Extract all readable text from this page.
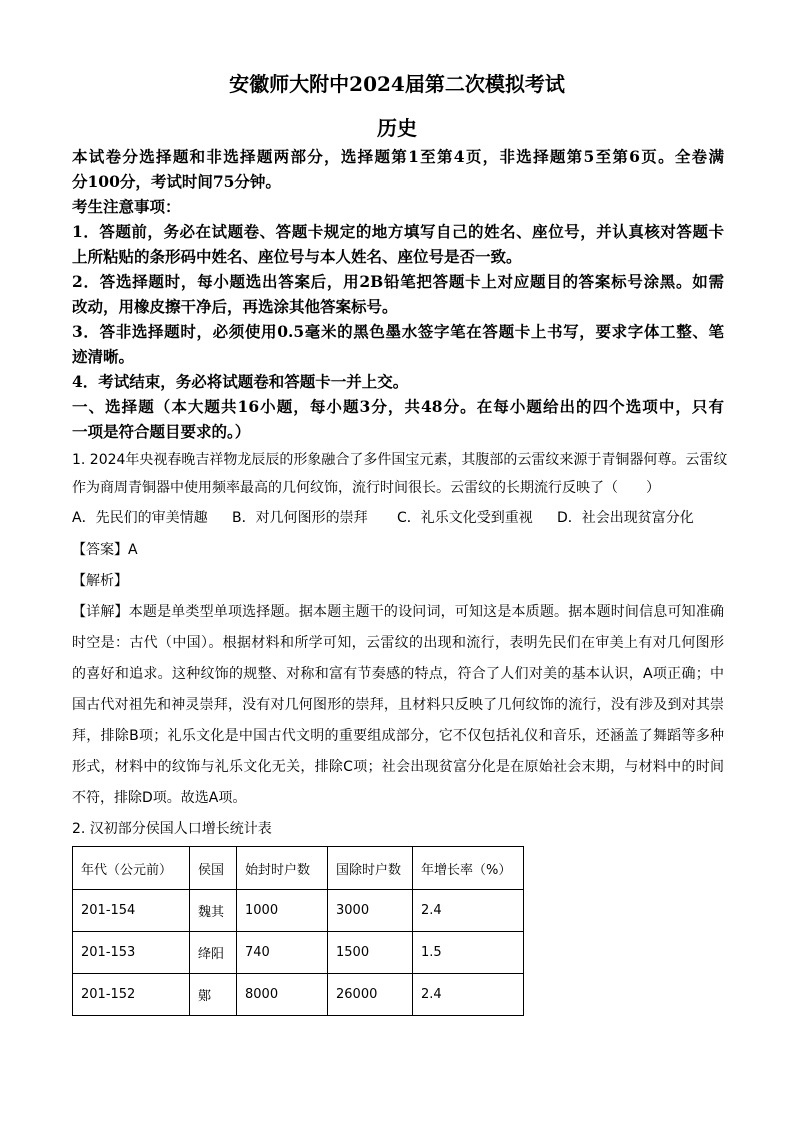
安徽师大附中2024届第二次模拟考试
历史
本试卷分选择题和非选择题两部分，选择题第1至第4页，非选择题第5至第6页。全卷满
分100分，考试时间75分钟。
考生注意事项：
1．答题前，务必在试题卷、答题卡规定的地方填写自己的姓名、座位号，并认真核对答题卡
上所粘贴的条形码中姓名、座位号与本人姓名、座位号是否一致。
2．答选择题时，每小题选出答案后，用2B铅笔把答题卡上对应题目的答案标号涂黑。如需
改动，用橡皮擦干净后，再选涂其他答案标号。
3．答非选择题时，必须使用0.5毫米的黑色墨水签字笔在答题卡上书写，要求字体工整、笔
迹清晰。
4．考试结束，务必将试题卷和答题卡一并上交。
一、选择题（本大题共16小题，每小题3分，共48分。在每小题给出的四个选项中，只有
一项是符合题目要求的。）
1. 2024年央视春晚吉祥物龙辰辰的形象融合了多件国宝元素，其腹部的云雷纹来源于青铜器何尊。云雷纹
作为商周青铜器中使用频率最高的几何纹饰，流行时间很长。云雷纹的长期流行反映了（　　）
A．先民们的审美情趣 B．对几何图形的崇拜 C．礼乐文化受到重视 D．社会出现贫富分化
【答案】A
【解析】
【详解】本题是单类型单项选择题。据本题主题干的设问词，可知这是本质题。据本题时间信息可知准确
时空是：古代（中国）。根据材料和所学可知，云雷纹的出现和流行，表明先民们在审美上有对几何图形
的喜好和追求。这种纹饰的规整、对称和富有节奏感的特点，符合了人们对美的基本认识，A项正确；中
国古代对祖先和神灵崇拜，没有对几何图形的崇拜，且材料只反映了几何纹饰的流行，没有涉及到对其崇
拜，排除B项；礼乐文化是中国古代文明的重要组成部分，它不仅包括礼仪和音乐，还涵盖了舞蹈等多种
形式，材料中的纹饰与礼乐文化无关，排除C项；社会出现贫富分化是在原始社会末期，与材料中的时间
不符，排除D项。故选A项。
2. 汉初部分侯国人口增长统计表
年代（公元前）	侯国	始封时户数	国除时户数	年增长率（%）
201-154	魏其	1000	3000	2.4
201-153	绛阳	740	1500	1.5
201-152	鄚	8000	26000	2.4
